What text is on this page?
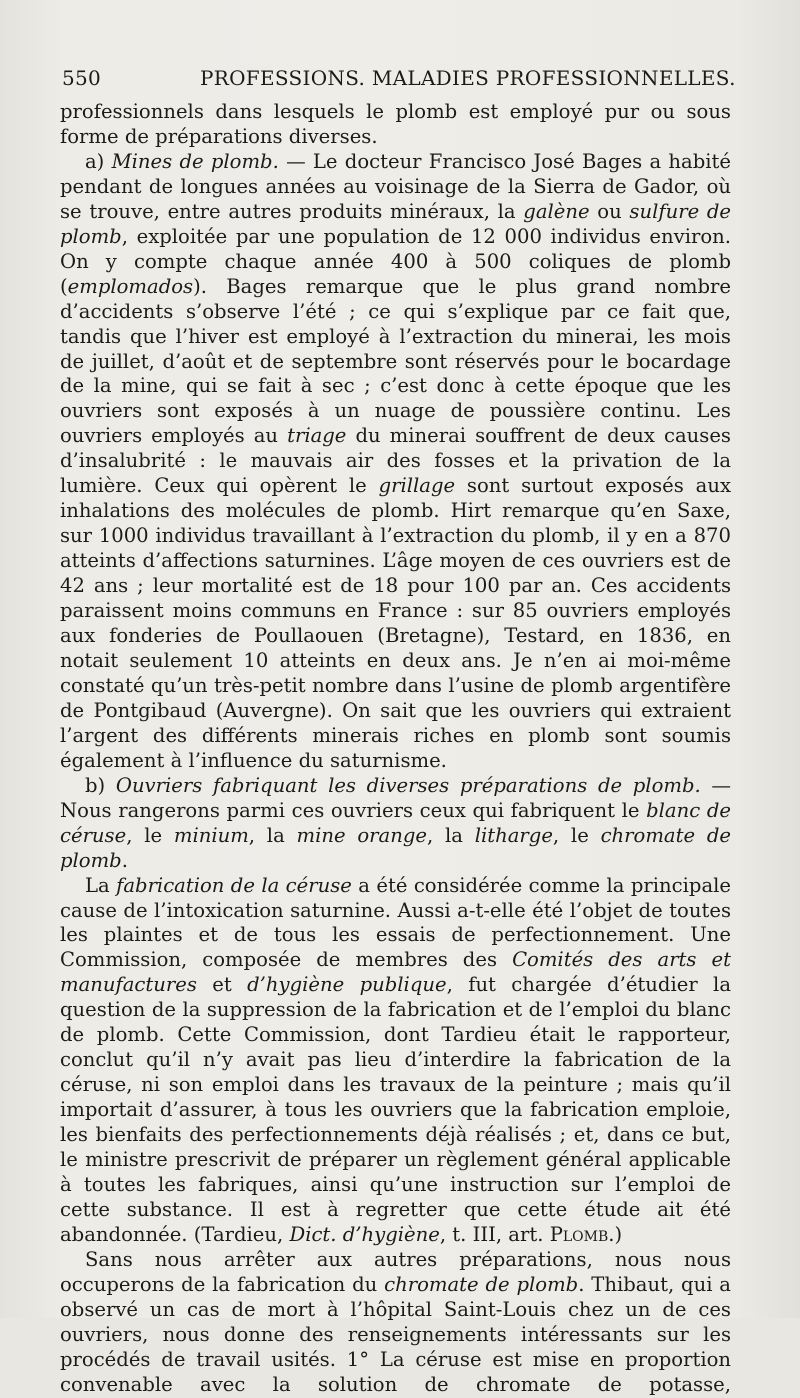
550	PROFESSIONS. MALADIES PROFESSIONNELLES.

professionnels dans lesquels le plomb est employé pur ou sous forme de préparations diverses.

a) Mines de plomb. — Le docteur Francisco José Bages a habité pendant de longues années au voisinage de la Sierra de Gador, où se trouve, entre autres produits minéraux, la galène ou sulfure de plomb, exploitée par une population de 12 000 individus environ. On y compte chaque année 400 à 500 coliques de plomb (emplomados). Bages remarque que le plus grand nombre d’accidents s’observe l’été ; ce qui s’explique par ce fait que, tandis que l’hiver est employé à l’extraction du minerai, les mois de juillet, d’août et de septembre sont réservés pour le bocardage de la mine, qui se fait à sec ; c’est donc à cette époque que les ouvriers sont exposés à un nuage de poussière continu. Les ouvriers employés au triage du minerai souffrent de deux causes d’insalubrité : le mauvais air des fosses et la privation de la lumière. Ceux qui opèrent le grillage sont surtout exposés aux inhalations des molécules de plomb. Hirt remarque qu’en Saxe, sur 1000 individus travaillant à l’extraction du plomb, il y en a 870 atteints d’affections saturnines. L’âge moyen de ces ouvriers est de 42 ans ; leur mortalité est de 18 pour 100 par an. Ces accidents paraissent moins communs en France : sur 85 ouvriers employés aux fonderies de Poullaouen (Bretagne), Testard, en 1836, en notait seulement 10 atteints en deux ans. Je n’en ai moi-même constaté qu’un très-petit nombre dans l’usine de plomb argentifère de Pontgibaud (Auvergne). On sait que les ouvriers qui extraient l’argent des différents minerais riches en plomb sont soumis également à l’influence du saturnisme.

b) Ouvriers fabriquant les diverses préparations de plomb. — Nous rangerons parmi ces ouvriers ceux qui fabriquent le blanc de céruse, le minium, la mine orange, la litharge, le chromate de plomb.

La fabrication de la céruse a été considérée comme la principale cause de l’intoxication saturnine. Aussi a-t-elle été l’objet de toutes les plaintes et de tous les essais de perfectionnement. Une Commission, composée de membres des Comités des arts et manufactures et d’hygiène publique, fut chargée d’étudier la question de la suppression de la fabrication et de l’emploi du blanc de plomb. Cette Commission, dont Tardieu était le rapporteur, conclut qu’il n’y avait pas lieu d’interdire la fabrication de la céruse, ni son emploi dans les travaux de la peinture ; mais qu’il importait d’assurer, à tous les ouvriers que la fabrication emploie, les bienfaits des perfectionnements déjà réalisés ; et, dans ce but, le ministre prescrivit de préparer un règlement général applicable à toutes les fabriques, ainsi qu’une instruction sur l’emploi de cette substance. Il est à regretter que cette étude ait été abandonnée. (Tardieu, Dict. d’hygiène, t. III, art. Plomb.)

Sans nous arrêter aux autres préparations, nous nous occuperons de la fabrication du chromate de plomb. Thibaut, qui a observé un cas de mort à l’hôpital Saint-Louis chez un de ces ouvriers, nous donne des renseignements intéressants sur les procédés de travail usités. 1° La céruse est mise en proportion convenable avec la solution de chromate de potasse,
